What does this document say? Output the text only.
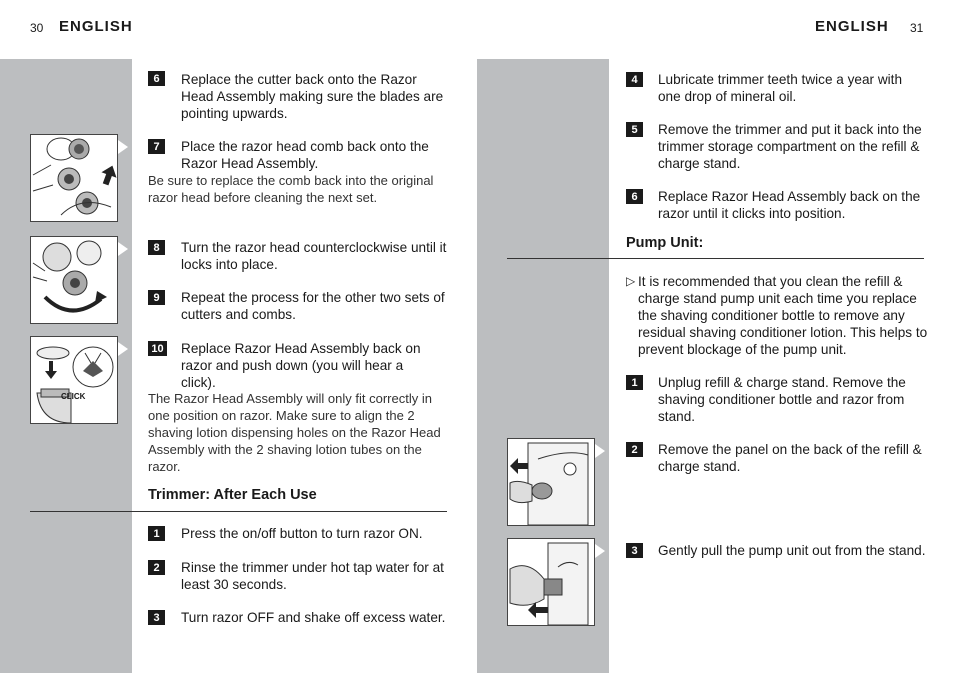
30 ENGLISH
CLICK
6	Replace the cutter back onto the Razor Head Assembly making sure the blades are pointing upwards.
7	Place the razor head comb back onto the Razor Head Assembly.
Be sure to replace the comb back into the original razor head before cleaning the next set.
8	Turn the razor head counterclockwise until it locks into place.
9	Repeat the process for the other two sets of cutters and combs.
10 Replace Razor Head Assembly back on razor and push down (you will hear a click).
The Razor Head Assembly will only fit correctly in one position on razor. Make sure to align the 2 shaving lotion dispensing holes on the Razor Head Assembly with the 2 shaving lotion tubes on the razor.
Trimmer: After Each Use
1	Press the on/off button to turn razor ON.
2	Rinse the trimmer under hot tap water for at least 30 seconds.
3	Turn razor OFF and shake off excess water.
ENGLISH 31
4	Lubricate trimmer teeth twice a year with one drop of mineral oil.
5	Remove the trimmer and put it back into the trimmer storage compartment on the refill & charge stand.
6	Replace Razor Head Assembly back on the razor until it clicks into position.
Pump Unit:
▷ It is recommended that you clean the refill & charge stand pump unit each time you replace the shaving conditioner bottle to remove any residual shaving conditioner lotion. This helps to prevent blockage of the pump unit.
1	Unplug refill & charge stand. Remove the shaving conditioner bottle and razor from stand.
2	Remove the panel on the back of the refill & charge stand.
3	Gently pull the pump unit out from the stand.
